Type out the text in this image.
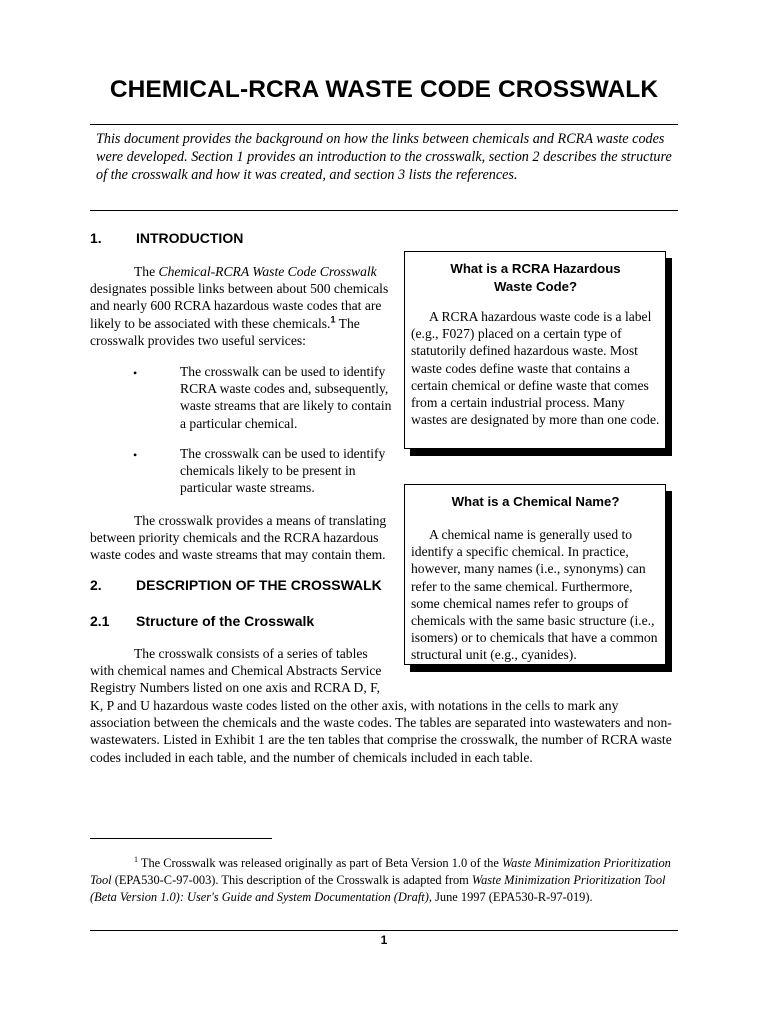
CHEMICAL-RCRA WASTE CODE CROSSWALK
This document provides the background on how the links between chemicals and RCRA waste codes were developed. Section 1 provides an introduction to the crosswalk, section 2 describes the structure of the crosswalk and how it was created, and section 3 lists the references.
1. INTRODUCTION
The Chemical-RCRA Waste Code Crosswalk designates possible links between about 500 chemicals and nearly 600 RCRA hazardous waste codes that are likely to be associated with these chemicals.$^1$ The crosswalk provides two useful services:
•	The crosswalk can be used to identify RCRA waste codes and, subsequently, waste streams that are likely to contain a particular chemical.
•	The crosswalk can be used to identify chemicals likely to be present in particular waste streams.
The crosswalk provides a means of translating between priority chemicals and the RCRA hazardous waste codes and waste streams that may contain them.
2. DESCRIPTION OF THE CROSSWALK
2.1 Structure of the Crosswalk
The crosswalk consists of a series of tables with chemical names and Chemical Abstracts Service Registry Numbers listed on one axis and RCRA D, F,
K, P and U hazardous waste codes listed on the other axis, with notations in the cells to mark any association between the chemicals and the waste codes. The tables are separated into wastewaters and non-wastewaters. Listed in Exhibit 1 are the ten tables that comprise the crosswalk, the number of RCRA waste codes included in each table, and the number of chemicals included in each table.
What is a RCRA Hazardous
Waste Code?
A RCRA hazardous waste code is a label (e.g., F027) placed on a certain type of statutorily defined hazardous waste. Most waste codes define waste that contains a certain chemical or define waste that comes from a certain industrial process. Many wastes are designated by more than one code.
What is a Chemical Name?
A chemical name is generally used to identify a specific chemical. In practice, however, many names (i.e., synonyms) can refer to the same chemical. Furthermore, some chemical names refer to groups of chemicals with the same basic structure (i.e., isomers) or to chemicals that have a common structural unit (e.g., cyanides).
$^1$ The Crosswalk was released originally as part of Beta Version 1.0 of the Waste Minimization Prioritization Tool (EPA530-C-97-003). This description of the Crosswalk is adapted from Waste Minimization Prioritization Tool (Beta Version 1.0): User's Guide and System Documentation (Draft), June 1997 (EPA530-R-97-019).
1
